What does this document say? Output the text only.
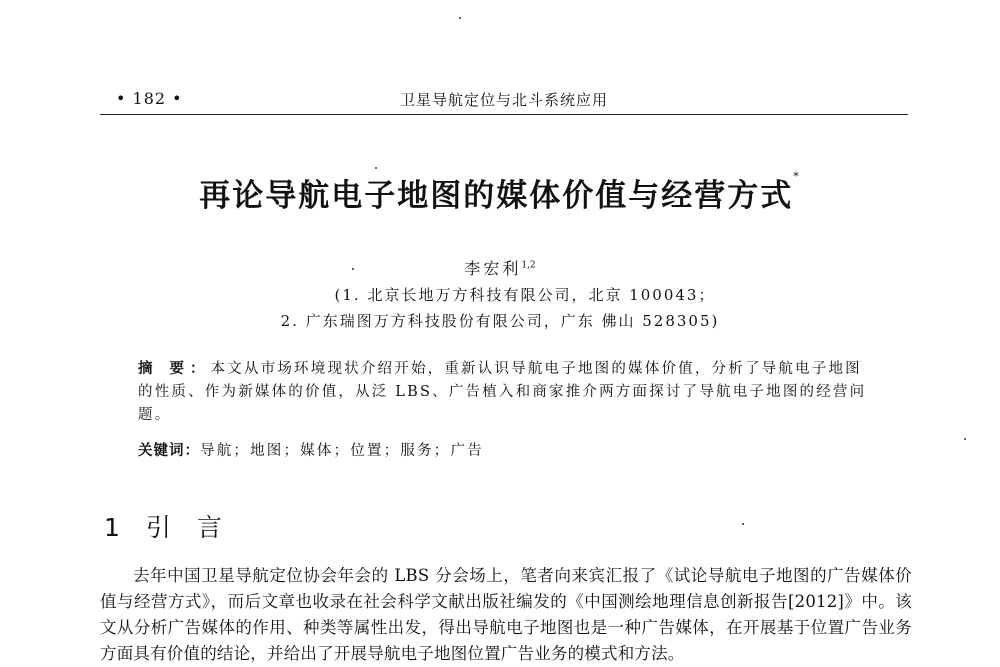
• 182 •	卫星导航定位与北斗系统应用
再论导航电子地图的媒体价值与经营方式*
李宏利$^{1,2}$
(1. 北京长地万方科技有限公司，北京 100043；
2. 广东瑞图万方科技股份有限公司，广东 佛山 528305)
摘 要：本文从市场环境现状介绍开始，重新认识导航电子地图的媒体价值，分析了导航电子地图的性质、作为新媒体的价值，从泛 LBS、广告植入和商家推介两方面探讨了导航电子地图的经营问题。
关键词：导航；地图；媒体；位置；服务；广告
1 引言
去年中国卫星导航定位协会年会的 LBS 分会场上，笔者向来宾汇报了《试论导航电子地图的广告媒体价值与经营方式》，而后文章也收录在社会科学文献出版社编发的《中国测绘地理信息创新报告[2012]》中。该文从分析广告媒体的作用、种类等属性出发，得出导航电子地图也是一种广告媒体，在开展基于位置广告业务方面具有价值的结论，并给出了开展导航电子地图位置广告业务的模式和方法。
